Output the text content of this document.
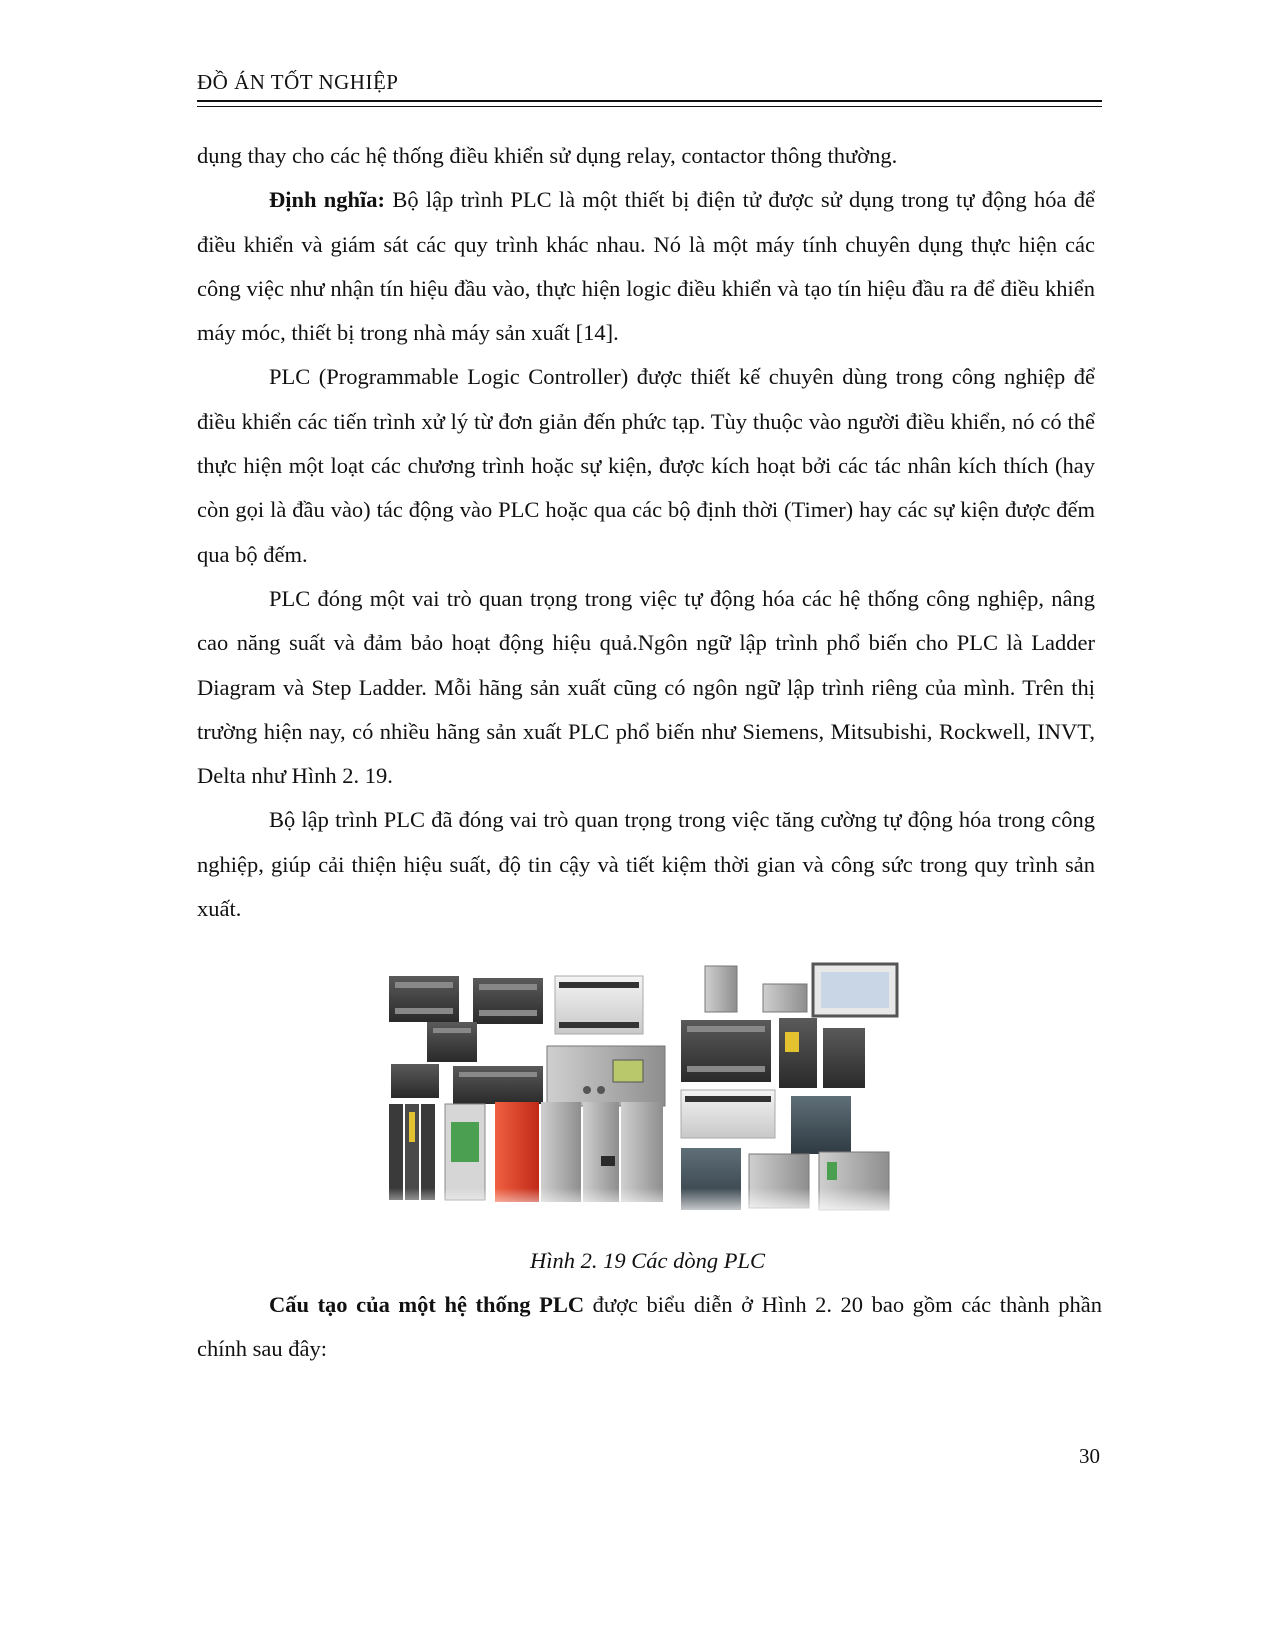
ĐỒ ÁN TỐT NGHIỆP

dụng thay cho các hệ thống điều khiển sử dụng relay, contactor thông thường.

Định nghĩa: Bộ lập trình PLC là một thiết bị điện tử được sử dụng trong tự động hóa để điều khiển và giám sát các quy trình khác nhau. Nó là một máy tính chuyên dụng thực hiện các công việc như nhận tín hiệu đầu vào, thực hiện logic điều khiển và tạo tín hiệu đầu ra để điều khiển máy móc, thiết bị trong nhà máy sản xuất [14].

PLC (Programmable Logic Controller) được thiết kế chuyên dùng trong công nghiệp để điều khiển các tiến trình xử lý từ đơn giản đến phức tạp. Tùy thuộc vào người điều khiển, nó có thể thực hiện một loạt các chương trình hoặc sự kiện, được kích hoạt bởi các tác nhân kích thích (hay còn gọi là đầu vào) tác động vào PLC hoặc qua các bộ định thời (Timer) hay các sự kiện được đếm qua bộ đếm.

PLC đóng một vai trò quan trọng trong việc tự động hóa các hệ thống công nghiệp, nâng cao năng suất và đảm bảo hoạt động hiệu quả.Ngôn ngữ lập trình phổ biến cho PLC là Ladder Diagram và Step Ladder. Mỗi hãng sản xuất cũng có ngôn ngữ lập trình riêng của mình. Trên thị trường hiện nay, có nhiều hãng sản xuất PLC phổ biến như Siemens, Mitsubishi, Rockwell, INVT, Delta như Hình 2. 19.

Bộ lập trình PLC đã đóng vai trò quan trọng trong việc tăng cường tự động hóa trong công nghiệp, giúp cải thiện hiệu suất, độ tin cậy và tiết kiệm thời gian và công sức trong quy trình sản xuất.

Hình 2. 19 Các dòng PLC

Cấu tạo của một hệ thống PLC được biểu diễn ở Hình 2. 20 bao gồm các thành phần chính sau đây:

30
